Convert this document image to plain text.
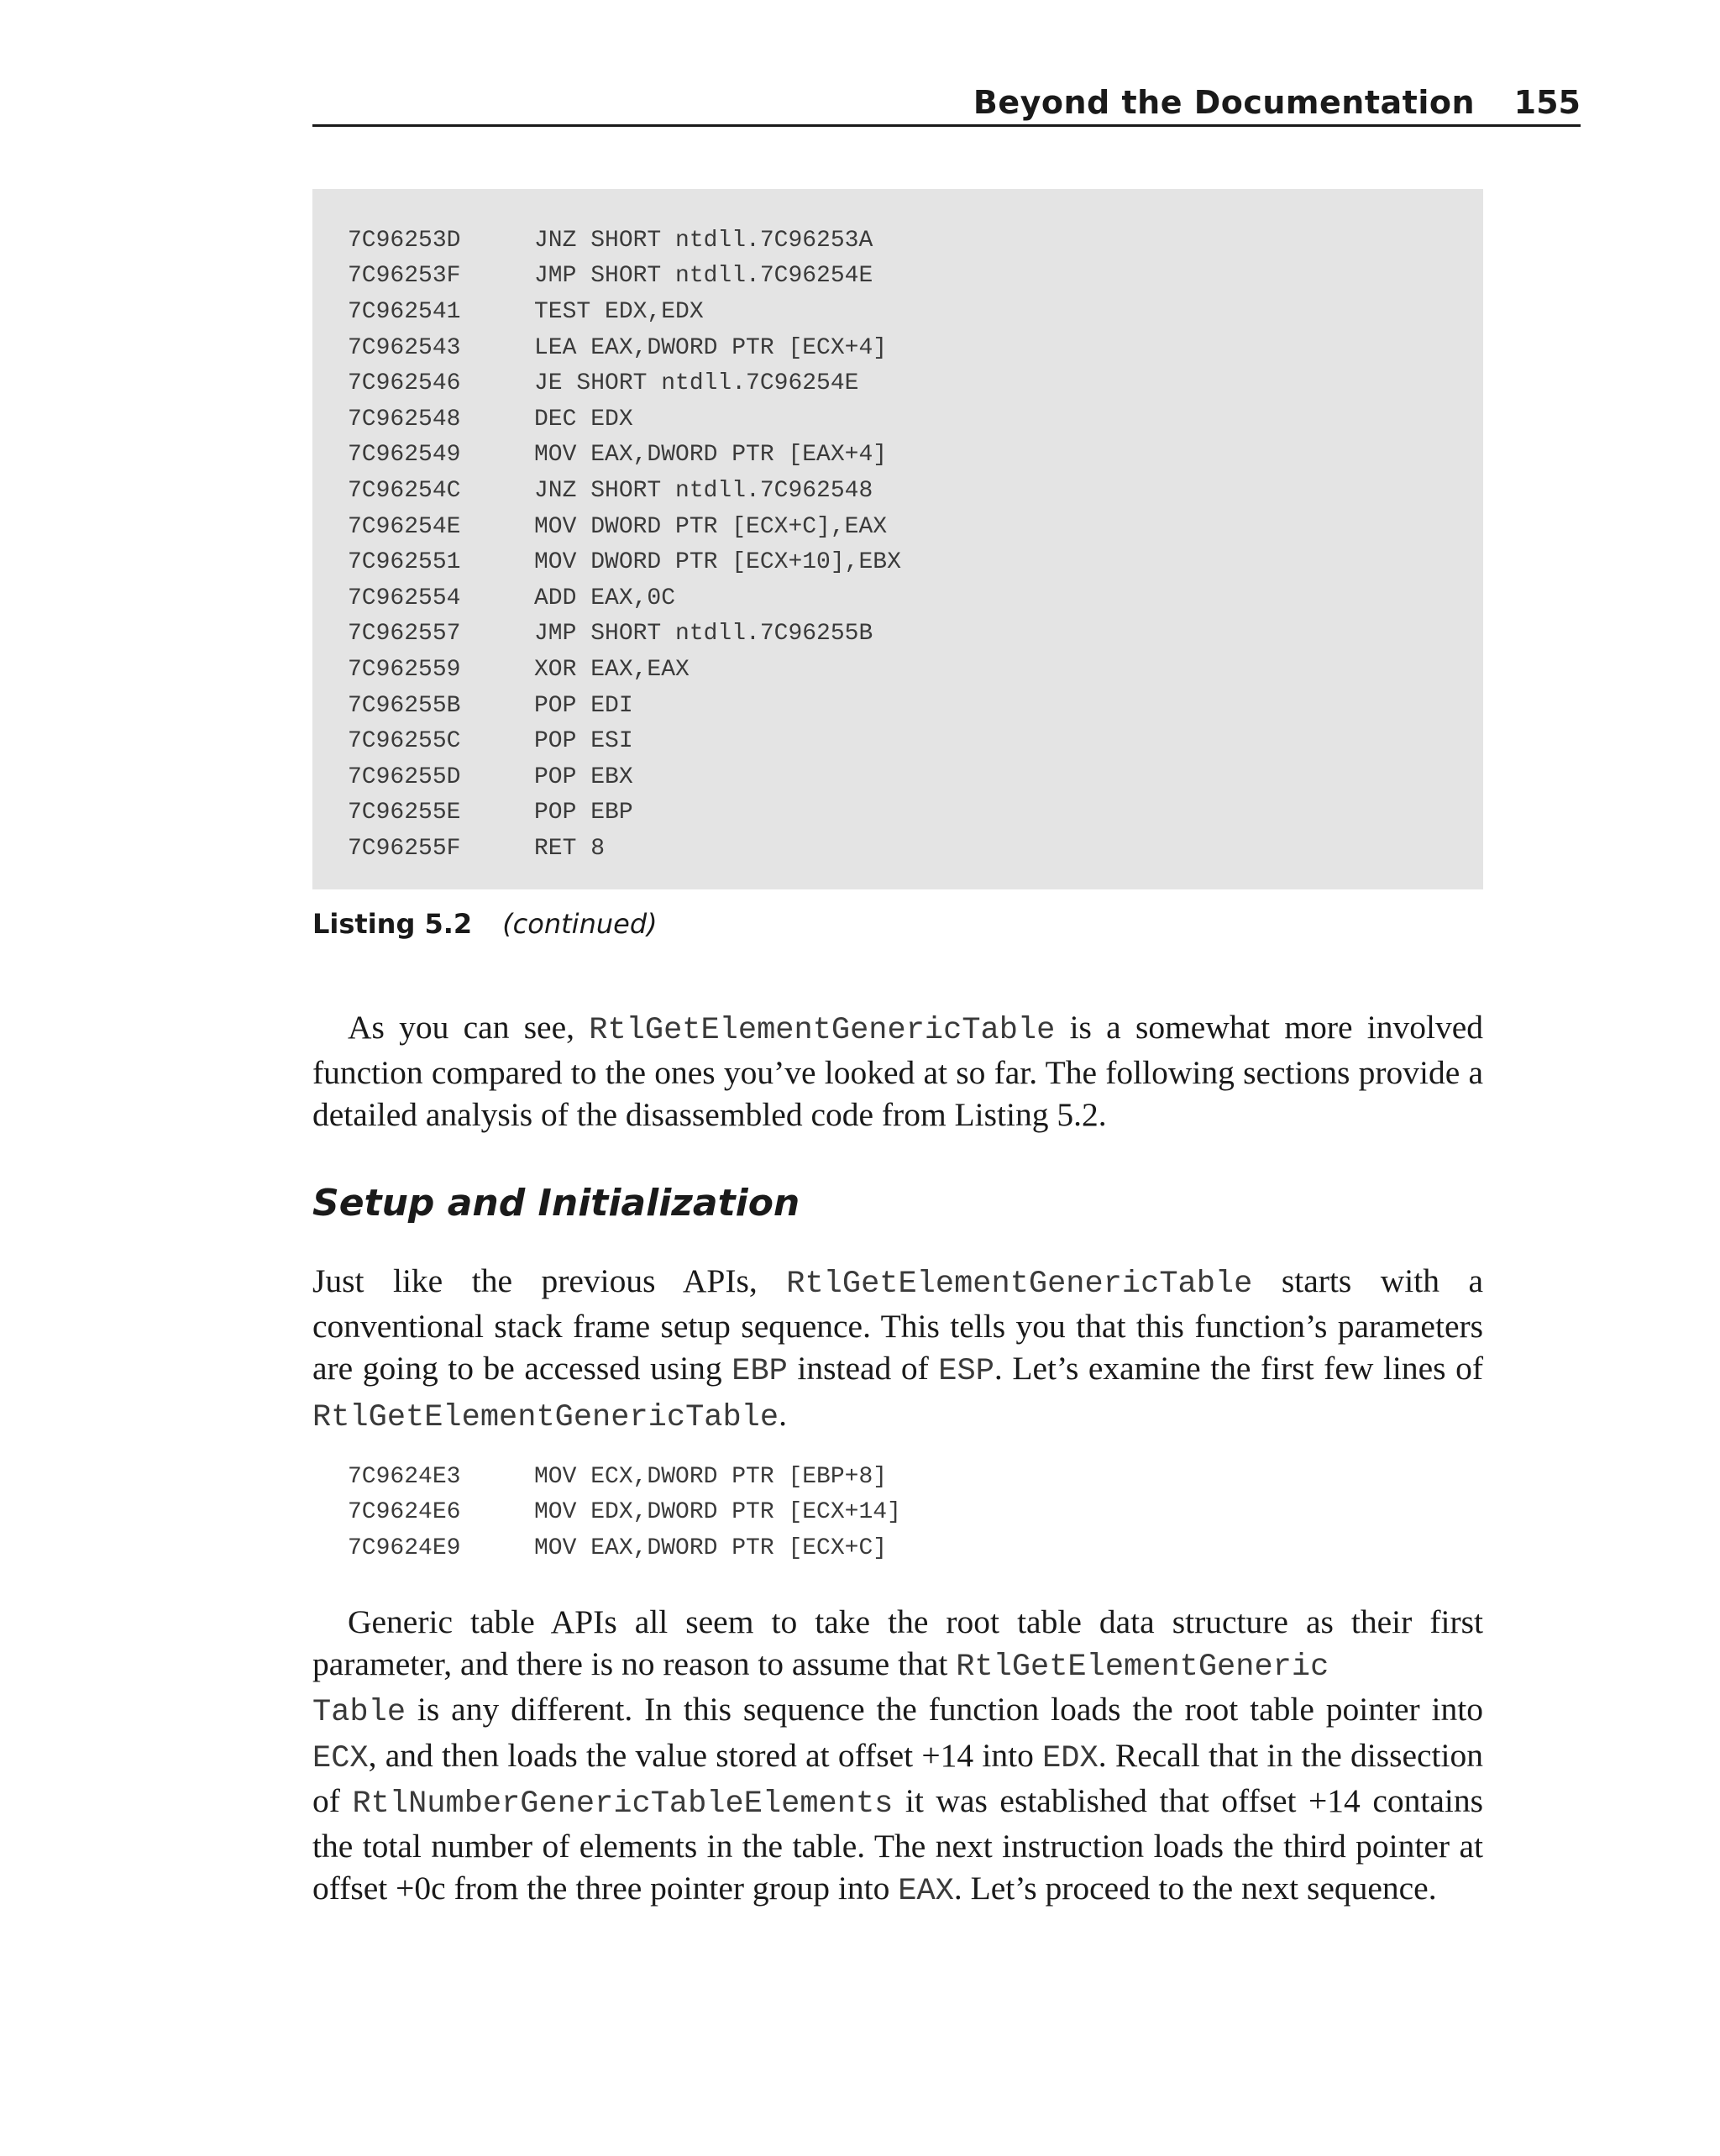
Beyond the Documentation 155
7C96253D	JNZ SHORT ntdll.7C96253A
7C96253F	JMP SHORT ntdll.7C96254E
7C962541	TEST EDX,EDX
7C962543	LEA EAX,DWORD PTR [ECX+4]
7C962546	JE SHORT ntdll.7C96254E
7C962548	DEC EDX
7C962549	MOV EAX,DWORD PTR [EAX+4]
7C96254C	JNZ SHORT ntdll.7C962548
7C96254E	MOV DWORD PTR [ECX+C],EAX
7C962551	MOV DWORD PTR [ECX+10],EBX
7C962554	ADD EAX,0C
7C962557	JMP SHORT ntdll.7C96255B
7C962559	XOR EAX,EAX
7C96255B	POP EDI
7C96255C	POP ESI
7C96255D	POP EBX
7C96255E	POP EBP
7C96255F	RET 8
Listing 5.2 (continued)

As you can see, RtlGetElementGenericTable is a somewhat more involved function compared to the ones you’ve looked at so far. The following sections provide a detailed analysis of the disassembled code from Listing 5.2.

Setup and Initialization

Just like the previous APIs, RtlGetElementGenericTable starts with a conventional stack frame setup sequence. This tells you that this function’s parameters are going to be accessed using EBP instead of ESP. Let’s examine the first few lines of RtlGetElementGenericTable.

7C9624E3	MOV ECX,DWORD PTR [EBP+8]
7C9624E6	MOV EDX,DWORD PTR [ECX+14]
7C9624E9	MOV EAX,DWORD PTR [ECX+C]

Generic table APIs all seem to take the root table data structure as their first parameter, and there is no reason to assume that RtlGetElementGeneric
Table is any different. In this sequence the function loads the root table pointer into ECX, and then loads the value stored at offset +14 into EDX. Recall that in the dissection of RtlNumberGenericTableElements it was established that offset +14 contains the total number of elements in the table. The next instruction loads the third pointer at offset +0c from the three pointer group into EAX. Let’s proceed to the next sequence.
